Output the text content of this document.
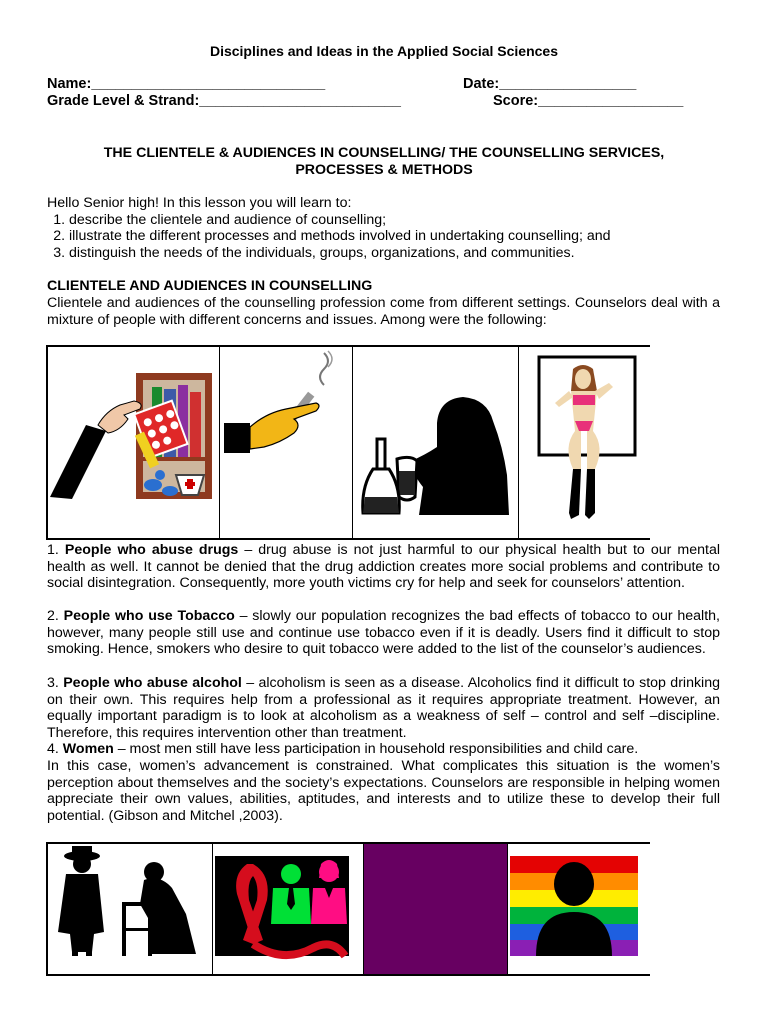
Disciplines and Ideas in the Applied Social Sciences
Name:_____________________________	Date:_________________
Grade Level & Strand:_________________________	Score:__________________
THE CLIENTELE & AUDIENCES IN COUNSELLING/ THE COUNSELLING SERVICES, PROCESSES & METHODS
Hello Senior high! In this lesson you will learn to:
1. describe the clientele and audience of counselling;
2. illustrate the different processes and methods involved in undertaking counselling; and
3. distinguish the needs of the individuals, groups, organizations, and communities.
CLIENTELE AND AUDIENCES IN COUNSELLING
Clientele and audiences of the counselling profession come from different settings. Counselors deal with a mixture of people with different concerns and issues. Among were the following:
1. People who abuse drugs – drug abuse is not just harmful to our physical health but to our mental health as well. It cannot be denied that the drug addiction creates more social problems and contribute to social disintegration. Consequently, more youth victims cry for help and seek for counselors’ attention.
2. People who use Tobacco – slowly our population recognizes the bad effects of tobacco to our health, however, many people still use and continue use tobacco even if it is deadly. Users find it difficult to stop smoking. Hence, smokers who desire to quit tobacco were added to the list of the counselor’s audiences.
3. People who abuse alcohol – alcoholism is seen as a disease. Alcoholics find it difficult to stop drinking on their own. This requires help from a professional as it requires appropriate treatment. However, an equally important paradigm is to look at alcoholism as a weakness of self – control and self –discipline. Therefore, this requires intervention other than treatment.
4. Women – most men still have less participation in household responsibilities and child care.
In this case, women’s advancement is constrained. What complicates this situation is the women’s perception about themselves and the society’s expectations. Counselors are responsible in helping women appreciate their own values, abilities, aptitudes, and interests and to utilize these to develop their full potential. (Gibson and Mitchel ,2003).
